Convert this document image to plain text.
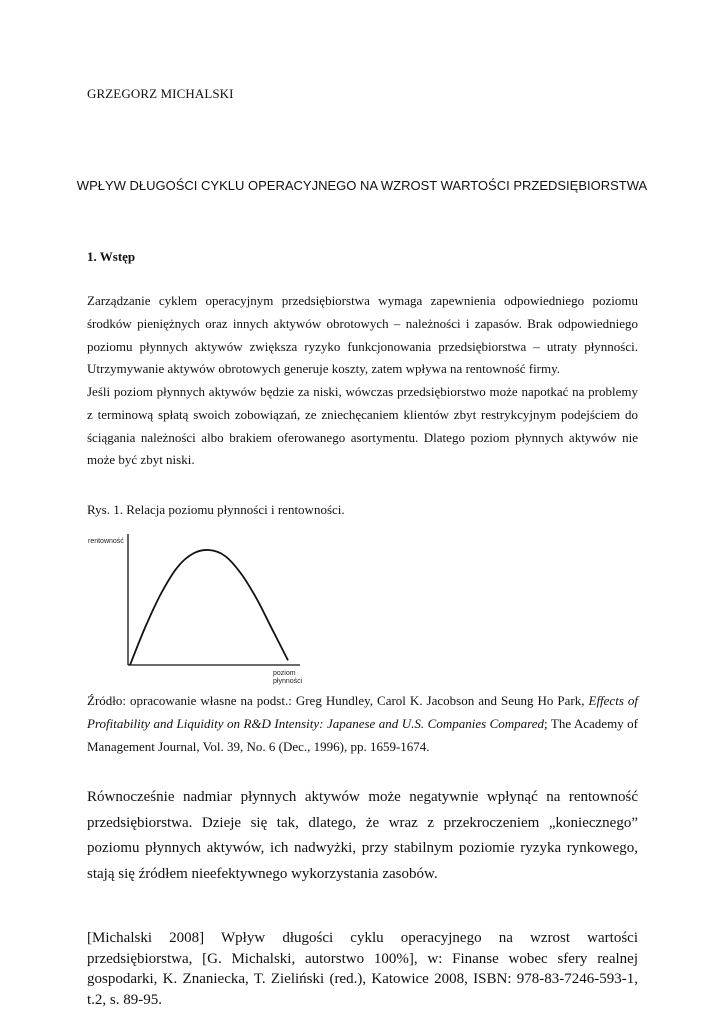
GRZEGORZ MICHALSKI
WPŁYW DŁUGOŚCI CYKLU OPERACYJNEGO NA WZROST WARTOŚCI PRZEDSIĘBIORSTWA
1. Wstęp

Zarządzanie cyklem operacyjnym przedsiębiorstwa wymaga zapewnienia odpowiedniego poziomu środków pieniężnych oraz innych aktywów obrotowych – należności i zapasów. Brak odpowiedniego poziomu płynnych aktywów zwiększa ryzyko funkcjonowania przedsiębiorstwa – utraty płynności. Utrzymywanie aktywów obrotowych generuje koszty, zatem wpływa na rentowność firmy.

Jeśli poziom płynnych aktywów będzie za niski, wówczas przedsiębiorstwo może napotkać na problemy z terminową spłatą swoich zobowiązań, ze zniechęcaniem klientów zbyt restrykcyjnym podejściem do ściągania należności albo brakiem oferowanego asortymentu. Dlatego poziom płynnych aktywów nie może być zbyt niski.

Rys. 1. Relacja poziomu płynności i rentowności.
rentowność
poziom
płynności

Źródło: opracowanie własne na podst.: Greg Hundley, Carol K. Jacobson and Seung Ho Park, Effects of Profitability and Liquidity on R&D Intensity: Japanese and U.S. Companies Compared; The Academy of Management Journal, Vol. 39, No. 6 (Dec., 1996), pp. 1659-1674.

Równocześnie nadmiar płynnych aktywów może negatywnie wpłynąć na rentowność przedsiębiorstwa. Dzieje się tak, dlatego, że wraz z przekroczeniem „koniecznego” poziomu płynnych aktywów, ich nadwyżki, przy stabilnym poziomie ryzyka rynkowego, stają się źródłem nieefektywnego wykorzystania zasobów.

[Michalski 2008] Wpływ długości cyklu operacyjnego na wzrost wartości przedsiębiorstwa, [G. Michalski, autorstwo 100%], w: Finanse wobec sfery realnej gospodarki, K. Znaniecka, T. Zieliński (red.), Katowice 2008, ISBN: 978-83-7246-593-1, t.2, s. 89-95.
